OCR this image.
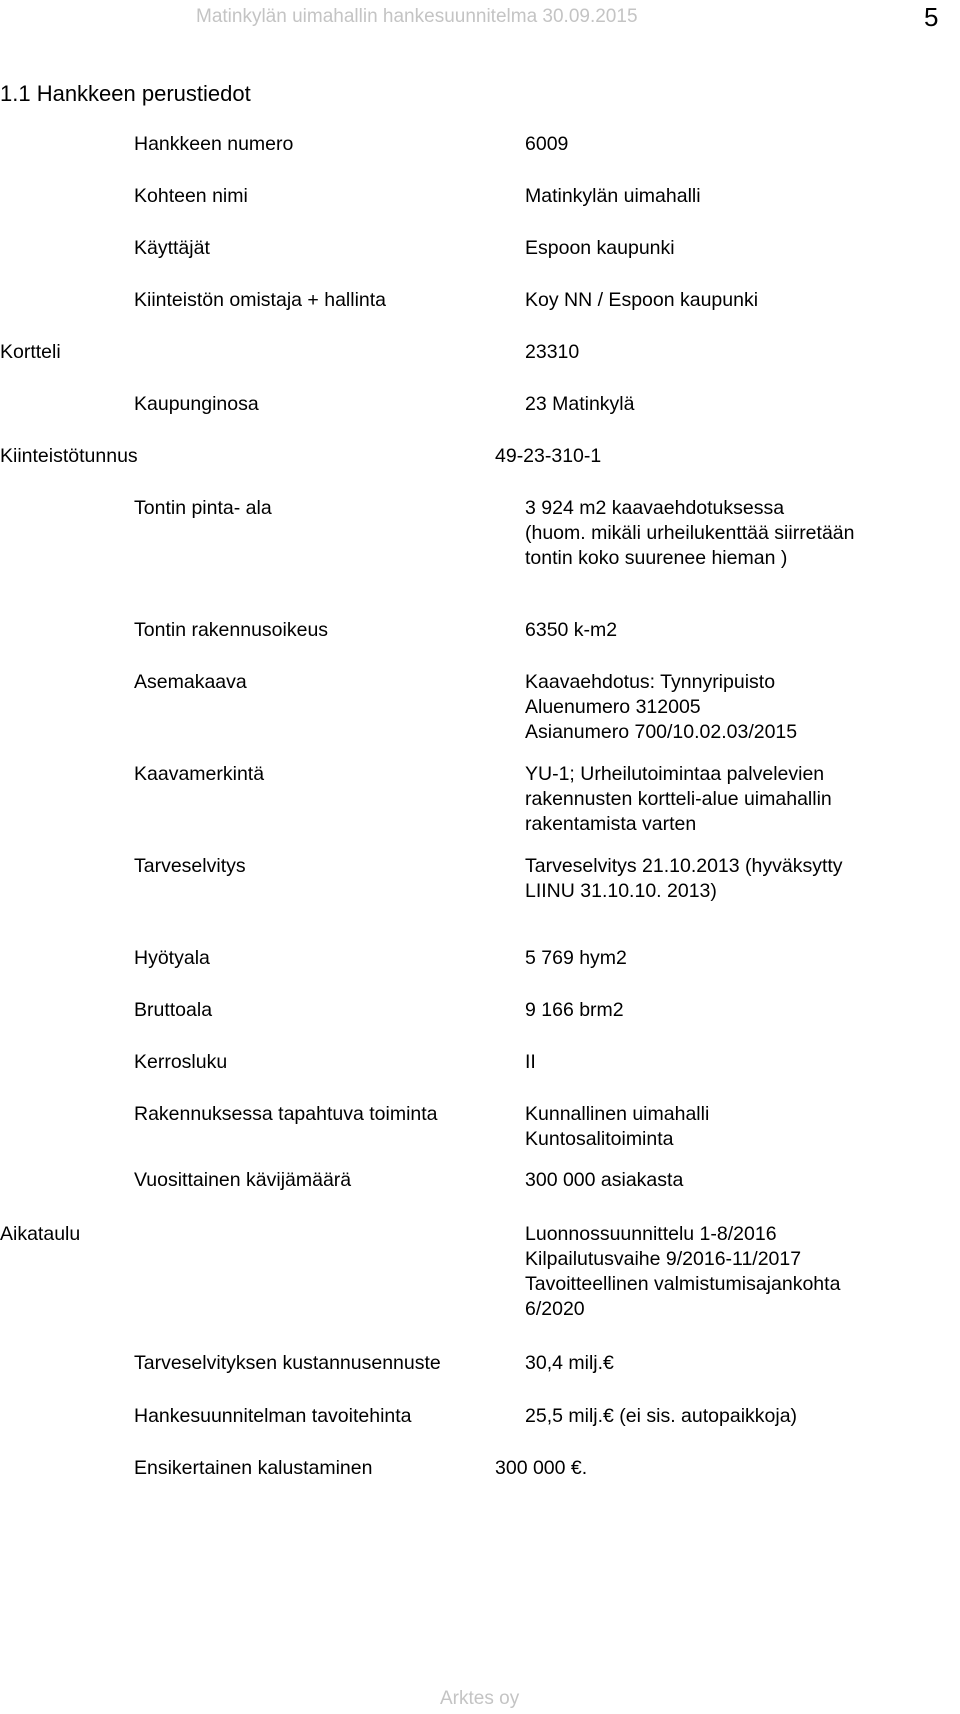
Matinkylän uimahallin hankesuunnitelma 30.09.2015	5
1.1 Hankkeen perustiedot
Hankkeen numero	6009
Kohteen nimi	Matinkylän uimahalli
Käyttäjät	Espoon kaupunki
Kiinteistön omistaja + hallinta	Koy NN / Espoon kaupunki
Kortteli	23310
Kaupunginosa	23 Matinkylä
Kiinteistötunnus	49-23-310-1
Tontin pinta- ala	3 924 m2 kaavaehdotuksessa
(huom. mikäli urheilukenttää siirretään
tontin koko suurenee hieman )
Tontin rakennusoikeus	6350 k-m2
Asemakaava	Kaavaehdotus: Tynnyripuisto
Aluenumero 312005
Asianumero 700/10.02.03/2015
Kaavamerkintä	YU-1; Urheilutoimintaa palvelevien
rakennusten kortteli-alue uimahallin
rakentamista varten
Tarveselvitys	Tarveselvitys 21.10.2013 (hyväksytty
LIINU 31.10.10. 2013)
Hyötyala	5 769 hym2
Bruttoala	9 166 brm2
Kerrosluku	II
Rakennuksessa tapahtuva toiminta	Kunnallinen uimahalli
Kuntosalitoiminta
Vuosittainen kävijämäärä	300 000 asiakasta
Aikataulu	Luonnossuunnittelu 1-8/2016
Kilpailutusvaihe 9/2016-11/2017
Tavoitteellinen valmistumisajankohta
6/2020
Tarveselvityksen kustannusennuste	30,4 milj.€
Hankesuunnitelman tavoitehinta	25,5 milj.€ (ei sis. autopaikkoja)
Ensikertainen kalustaminen	300 000 €.
Arktes oy
